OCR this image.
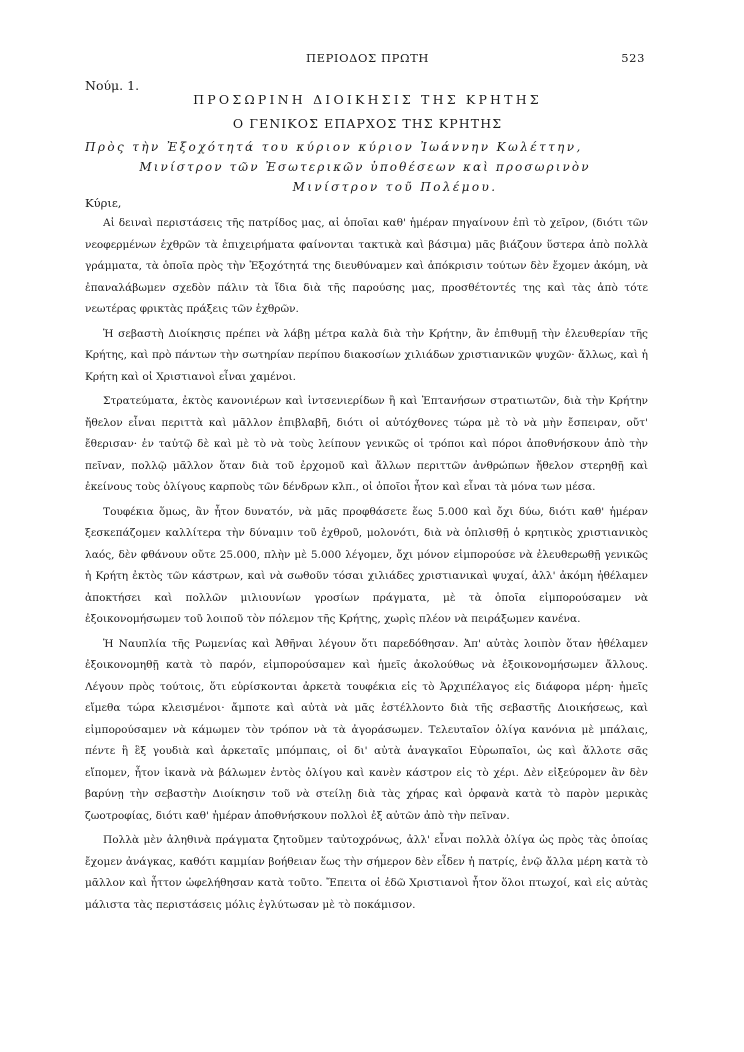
ΠΕΡΙΟΔΟΣ ΠΡΩΤΗ	523
Νούμ. 1.
ΠΡΟΣΩΡΙΝΗ ΔΙΟΙΚΗΣΙΣ ΤΗΣ ΚΡΗΤΗΣ
Ο ΓΕΝΙΚΟΣ ΕΠΑΡΧΟΣ ΤΗΣ ΚΡΗΤΗΣ
Πρὸς τὴν Ἐξοχότητά του κύριον κύριον Ἰωάννην Κωλέττην,
Μινίστρον τῶν Ἐσωτερικῶν ὑποθέσεων καὶ προσωρινὸν
Μινίστρον τοῦ Πολέμου.
Κύριε,

Αἱ δειναὶ περιστάσεις τῆς πατρίδος μας, αἱ ὁποῖαι καθ' ἡμέραν πηγαίνουν ἐπὶ τὸ χεῖρον, (διότι τῶν νεοφερμένων ἐχθρῶν τὰ ἐπιχειρήματα φαίνονται τακτικὰ καὶ βάσιμα) μᾶς βιάζουν ὕστερα ἀπὸ πολλὰ γράμματα, τὰ ὁποῖα πρὸς τὴν Ἐξοχότητά της διευθύναμεν καὶ ἀπόκρισιν τούτων δὲν ἔχομεν ἀκόμη, νὰ ἐπαναλάβωμεν σχεδὸν πάλιν τὰ ἴδια διὰ τῆς παρούσης μας, προσθέτοντές της καὶ τὰς ἀπὸ τότε νεωτέρας φρικτὰς πράξεις τῶν ἐχθρῶν.

Ἡ σεβαστὴ Διοίκησις πρέπει νὰ λάβῃ μέτρα καλὰ διὰ τὴν Κρήτην, ἂν ἐπιθυμῇ τὴν ἐλευθερίαν τῆς Κρήτης, καὶ πρὸ πάντων τὴν σωτηρίαν περίπου διακοσίων χιλιάδων χριστιανικῶν ψυχῶν· ἄλλως, καὶ ἡ Κρήτη καὶ οἱ Χριστιανοὶ εἶναι χαμένοι.

Στρατεύματα, ἐκτὸς κανονιέρων καὶ ἰντσενιερίδων ἢ καὶ Ἑπτανήσων στρατιωτῶν, διὰ τὴν Κρήτην ἤθελον εἶναι περιττὰ καὶ μᾶλλον ἐπιβλαβῆ, διότι οἱ αὐτόχθονες τώρα μὲ τὸ νὰ μὴν ἔσπειραν, οὔτ' ἔθερισαν· ἐν ταὐτῷ δὲ καὶ μὲ τὸ νὰ τοὺς λείπουν γενικῶς οἱ τρόποι καὶ πόροι ἀποθνήσκουν ἀπὸ τὴν πεῖναν, πολλῷ μᾶλλον ὅταν διὰ τοῦ ἐρχομοῦ καὶ ἄλλων περιττῶν ἀνθρώπων ἤθελον στερηθῇ καὶ ἐκείνους τοὺς ὀλίγους καρποὺς τῶν δένδρων κλπ., οἱ ὁποῖοι ἦτον καὶ εἶναι τὰ μόνα των μέσα.

Τουφέκια ὅμως, ἂν ἦτον δυνατόν, νὰ μᾶς προφθάσετε ἕως 5.000 καὶ ὄχι δύω, διότι καθ' ἡμέραν ξεσκεπάζομεν καλλίτερα τὴν δύναμιν τοῦ ἐχθροῦ, μολονότι, διὰ νὰ ὁπλισθῇ ὁ κρητικὸς χριστιανικὸς λαός, δὲν φθάνουν οὔτε 25.000, πλὴν μὲ 5.000 λέγομεν, ὄχι μόνον εἰμπορούσε νὰ ἐλευθερωθῇ γενικῶς ἡ Κρήτη ἐκτὸς τῶν κάστρων, καὶ νὰ σωθοῦν τόσαι χιλιάδες χριστιανικαὶ ψυχαί, ἀλλ' ἀκόμη ἠθέλαμεν ἀποκτήσει καὶ πολλῶν μιλιουνίων γροσίων πράγματα, μὲ τὰ ὁποῖα εἰμπορούσαμεν νὰ ἐξοικονομήσωμεν τοῦ λοιποῦ τὸν πόλεμον τῆς Κρήτης, χωρὶς πλέον νὰ πειράξωμεν κανένα.

Ἡ Ναυπλία τῆς Ρωμενίας καὶ Ἀθῆναι λέγουν ὅτι παρεδόθησαν. Ἀπ' αὐτὰς λοιπὸν ὅταν ἠθέλαμεν ἐξοικονομηθῇ κατὰ τὸ παρόν, εἰμπορούσαμεν καὶ ἡμεῖς ἀκολούθως νὰ ἐξοικονομήσωμεν ἄλλους. Λέγουν πρὸς τούτοις, ὅτι εὑρίσκονται ἀρκετὰ τουφέκια εἰς τὸ Ἀρχιπέλαγος εἰς διάφορα μέρη· ἡμεῖς εἴμεθα τώρα κλεισμένοι· ἄμποτε καὶ αὐτὰ νὰ μᾶς ἐστέλλοντο διὰ τῆς σεβαστῆς Διοικήσεως, καὶ εἰμπορούσαμεν νὰ κάμωμεν τὸν τρόπον νὰ τὰ ἀγοράσωμεν. Τελευταῖον ὀλίγα κανόνια μὲ μπάλαις, πέντε ἢ ἓξ γουδιὰ καὶ ἀρκεταῖς μπόμπαις, οἱ δι' αὐτὰ ἀναγκαῖοι Εὐρωπαῖοι, ὡς καὶ ἄλλοτε σᾶς εἴπομεν, ἦτον ἱκανὰ νὰ βάλωμεν ἐντὸς ὀλίγου καὶ κανὲν κάστρον εἰς τὸ χέρι. Δὲν εἰξεύρομεν ἂν δὲν βαρύνῃ τὴν σεβαστὴν Διοίκησιν τοῦ νὰ στείλῃ διὰ τὰς χήρας καὶ ὀρφανὰ κατὰ τὸ παρὸν μερικὰς ζωοτροφίας, διότι καθ' ἡμέραν ἀποθνήσκουν πολλοὶ ἐξ αὐτῶν ἀπὸ τὴν πεῖναν.

Πολλὰ μὲν ἀληθινὰ πράγματα ζητοῦμεν ταὐτοχρόνως, ἀλλ' εἶναι πολλὰ ὀλίγα ὡς πρὸς τὰς ὁποίας ἔχομεν ἀνάγκας, καθότι καμμίαν βοήθειαν ἕως τὴν σήμερον δὲν εἶδεν ἡ πατρίς, ἐνῷ ἄλλα μέρη κατὰ τὸ μᾶλλον καὶ ἧττον ὠφελήθησαν κατὰ τοῦτο. Ἔπειτα οἱ ἐδῶ Χριστιανοὶ ἦτον ὅλοι πτωχοί, καὶ εἰς αὐτὰς μάλιστα τὰς περιστάσεις μόλις ἐγλύτωσαν μὲ τὸ ποκάμισον.
